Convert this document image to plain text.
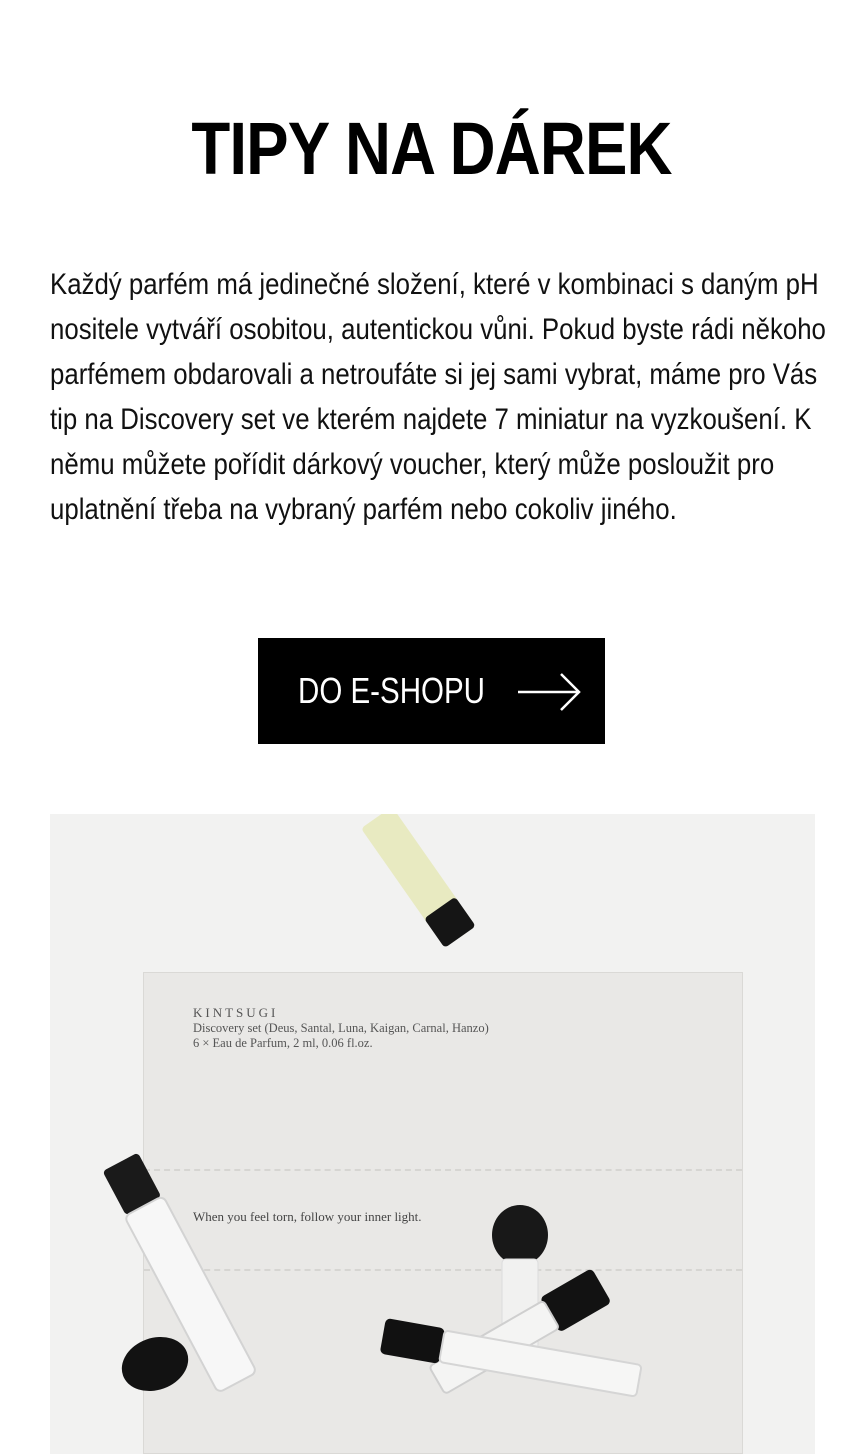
TIPY NA DÁREK

Každý parfém má jedinečné složení, které v kombinaci s daným pH nositele vytváří osobitou, autentickou vůni. Pokud byste rádi někoho parfémem obdarovali a netroufáte si jej sami vybrat, máme pro Vás tip na Discovery set ve kterém najdete 7 miniatur na vyzkoušení. K němu můžete pořídit dárkový voucher, který může posloužit pro uplatnění třeba na vybraný parfém nebo cokoliv jiného.

DO E-SHOPU
KINTSUGI
Discovery set (Deus, Santal, Luna, Kaigan, Carnal, Hanzo)
6 × Eau de Parfum, 2 ml, 0.06 fl.oz.
When you feel torn, follow your inner light.
